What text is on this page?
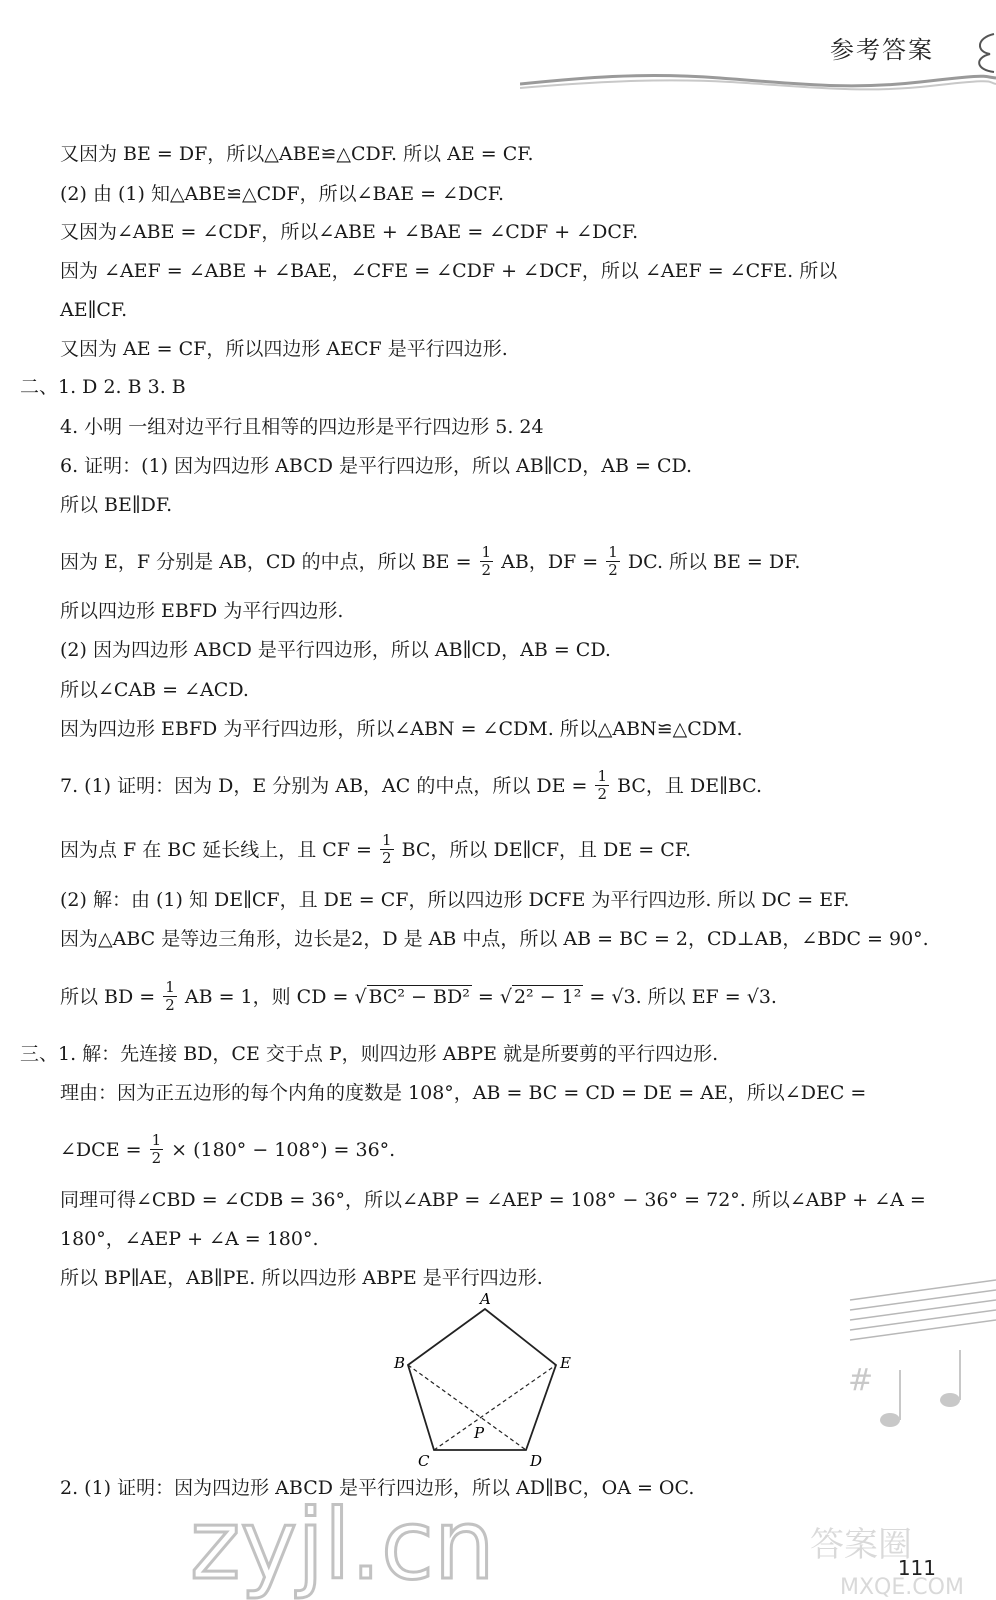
参考答案
又因为 BE = DF，所以△ABE≌△CDF. 所以 AE = CF.
(2) 由 (1) 知△ABE≌△CDF，所以∠BAE = ∠DCF.
又因为∠ABE = ∠CDF，所以∠ABE + ∠BAE = ∠CDF + ∠DCF.
因为 ∠AEF = ∠ABE + ∠BAE，∠CFE = ∠CDF + ∠DCF，所以 ∠AEF = ∠CFE. 所以
AE∥CF.
又因为 AE = CF，所以四边形 AECF 是平行四边形.
二、1. D 2. B 3. B
4. 小明 一组对边平行且相等的四边形是平行四边形 5. 24
6. 证明：(1) 因为四边形 ABCD 是平行四边形，所以 AB∥CD，AB = CD.
所以 BE∥DF.
因为 E，F 分别是 AB，CD 的中点，所以 BE = $\frac{1}{2}$ AB，DF = $\frac{1}{2}$ DC. 所以 BE = DF.
所以四边形 EBFD 为平行四边形.
(2) 因为四边形 ABCD 是平行四边形，所以 AB∥CD，AB = CD.
所以∠CAB = ∠ACD.
因为四边形 EBFD 为平行四边形，所以∠ABN = ∠CDM. 所以△ABN≌△CDM.
7. (1) 证明：因为 D，E 分别为 AB，AC 的中点，所以 DE = $\frac{1}{2}$ BC，且 DE∥BC.
因为点 F 在 BC 延长线上，且 CF = $\frac{1}{2}$ BC，所以 DE∥CF，且 DE = CF.
(2) 解：由 (1) 知 DE∥CF，且 DE = CF，所以四边形 DCFE 为平行四边形. 所以 DC = EF.
因为△ABC 是等边三角形，边长是2，D 是 AB 中点，所以 AB = BC = 2，CD⊥AB，∠BDC = 90°.
所以 BD = $\frac{1}{2}$ AB = 1，则 CD = √ BC² − BD² = √ 2² − 1² = √3. 所以 EF = √3.
三、1. 解：先连接 BD，CE 交于点 P，则四边形 ABPE 就是所要剪的平行四边形.
理由：因为正五边形的每个内角的度数是 108°，AB = BC = CD = DE = AE，所以∠DEC =
∠DCE = $\frac{1}{2} \times (180^\circ - 108^\circ) = 36^\circ$.
同理可得∠CBD = ∠CDB = 36°，所以∠ABP = ∠AEP = 108° − 36° = 72°. 所以∠ABP + ∠A =
180°，∠AEP + ∠A = 180°.
所以 BP∥AE，AB∥PE. 所以四边形 ABPE 是平行四边形.
A
B	E
P
C	D
#
2. (1) 证明：因为四边形 ABCD 是平行四边形，所以 AD∥BC，OA = OC.
zyjl.cn	111
答案圈
MXQE.COM
